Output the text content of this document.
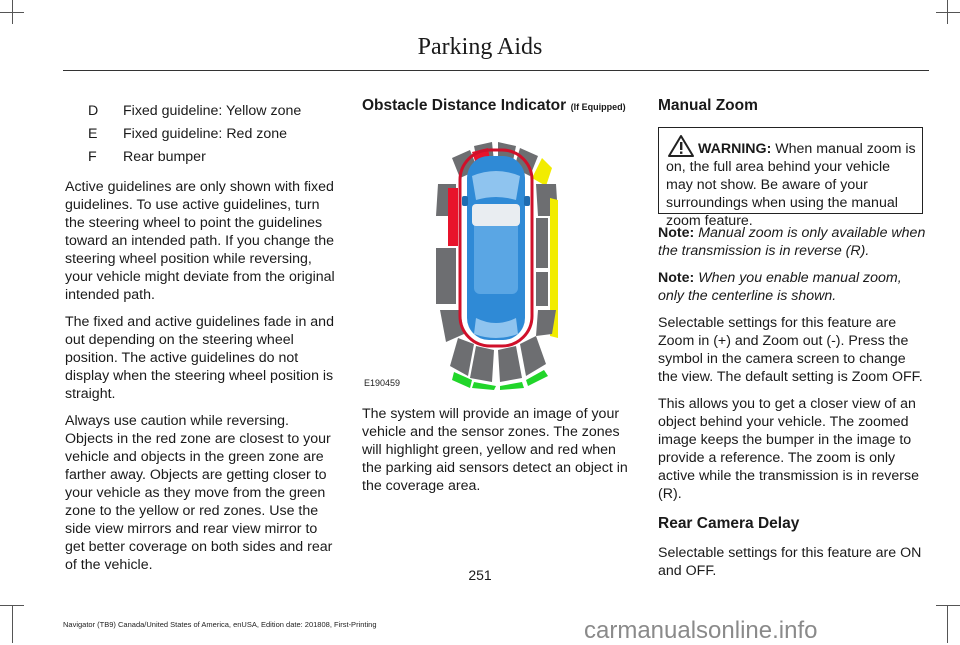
Parking Aids
D Fixed guideline: Yellow zone
E Fixed guideline: Red zone
F Rear bumper

Active guidelines are only shown with fixed guidelines. To use active guidelines, turn the steering wheel to point the guidelines toward an intended path. If you change the steering wheel position while reversing, your vehicle might deviate from the original intended path.

The fixed and active guidelines fade in and out depending on the steering wheel position. The active guidelines do not display when the steering wheel position is straight.

Always use caution while reversing. Objects in the red zone are closest to your vehicle and objects in the green zone are farther away. Objects are getting closer to your vehicle as they move from the green zone to the yellow or red zones. Use the side view mirrors and rear view mirror to get better coverage on both sides and rear of the vehicle.

Obstacle Distance Indicator (If Equipped)
E190459

The system will provide an image of your vehicle and the sensor zones. The zones will highlight green, yellow and red when the parking aid sensors detect an object in the coverage area.

Manual Zoom
WARNING: When manual zoom is on, the full area behind your vehicle may not show. Be aware of your surroundings when using the manual zoom feature.

Note: Manual zoom is only available when the transmission is in reverse (R).

Note: When you enable manual zoom, only the centerline is shown.

Selectable settings for this feature are Zoom in (+) and Zoom out (-). Press the symbol in the camera screen to change the view. The default setting is Zoom OFF.

This allows you to get a closer view of an object behind your vehicle. The zoomed image keeps the bumper in the image to provide a reference. The zoom is only active while the transmission is in reverse (R).

Rear Camera Delay

Selectable settings for this feature are ON and OFF.

251
Navigator (TB9) Canada/United States of America, enUSA, Edition date: 201808, First-Printing	carmanualsonline.info
